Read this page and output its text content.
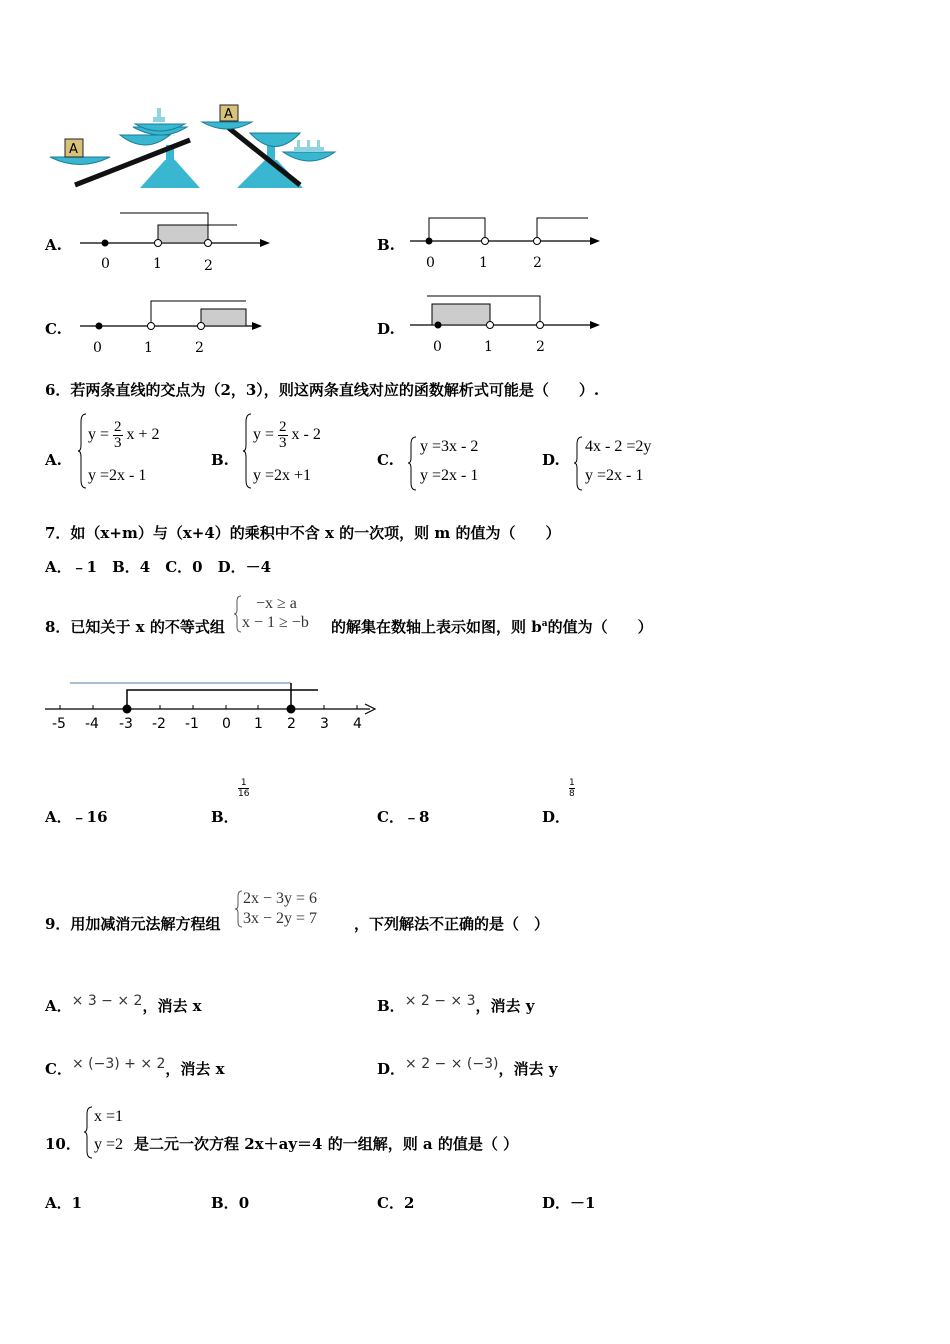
A
A
A.
0	1	2
B.
0	1	2
C.
0	1	2
D.
0	1	2
6．若两条直线的交点为（2，3），则这两条直线对应的函数解析式可能是（　　）.
A.
$y = \frac{2}{3}$ x + 2
y =2x - 1
B.
$y = \frac{2}{3}$ x - 2
y =2x +1
C.
y =3x - 2
y =2x - 1
D.
4x - 2 =2y
y =2x - 1
7．如（x+m）与（x+4）的乘积中不含 x 的一次项，则 m 的值为（　　）
A．﹣1　B．4　C．0　D．－4
8．已知关于 x 的不等式组
−x ≥ a
x − 1 ≥ −b 的解集在数轴上表示如图，则 $b^a$的值为（　　）
-5 -4 -3 -2 -1 0 1 2 3 4
A．﹣16	B．
$\frac{1}{16}$
C．﹣8	D．
$\frac{1}{8}$
9．用加减消元法解方程组
2x − 3y = 6
3x − 2y = 7 ，下列解法不正确的是（　）
A．× 3 − × 2，消去 x	B．× 2 − × 3，消去 y
C．× (−3) + × 2，消去 x	D．× 2 − × (−3)，消去 y
10．
x =1
y =2 是二元一次方程 2x＋ay＝4 的一组解，则 a 的值是（ ）
A．1	B．0	C．2	D．－1
